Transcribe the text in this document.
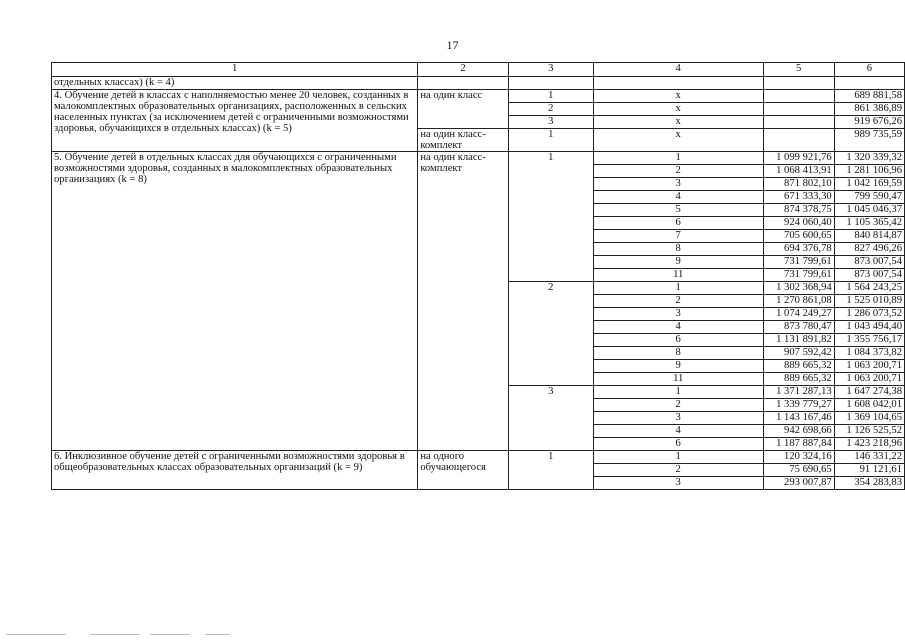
17
1	2	3	4	5	6
отдельных классах) (k = 4)					
4. Обучение детей в классах с наполняемостью менее 20 человек, созданных в малокомплектных образовательных организациях, расположенных в сельских населенных пунктах (за исключением детей с ограниченными возможностями здоровья, обучающихся в отдельных классах) (k = 5)	на один класс	1	х		689 881,58
		2	х		861 386,89
		3	х		919 676,26
	на один класс-комплект	1	х		989 735,59
5. Обучение детей в отдельных классах для обучающихся с ограниченными возможностями здоровья, созданных в малокомплектных образовательных организациях (k = 8)	на один класс-комплект	1	1	1 099 921,76	1 320 339,32
			2	1 068 413,91	1 281 106,96
			3	871 802,10	1 042 169,59
			4	671 333,30	799 590,47
			5	874 378,75	1 045 046,37
			6	924 060,40	1 105 365,42
			7	705 600,65	840 814,87
			8	694 376,78	827 496,26
			9	731 799,61	873 007,54
			11	731 799,61	873 007,54
		2	1	1 302 368,94	1 564 243,25
			2	1 270 861,08	1 525 010,89
			3	1 074 249,27	1 286 073,52
			4	873 780,47	1 043 494,40
			6	1 131 891,82	1 355 756,17
			8	907 592,42	1 084 373,82
			9	889 665,32	1 063 200,71
			11	889 665,32	1 063 200,71
		3	1	1 371 287,13	1 647 274,38
			2	1 339 779,27	1 608 042,01
			3	1 143 167,46	1 369 104,65
			4	942 698,66	1 126 525,52
			6	1 187 887,84	1 423 218,96
6. Инклюзивное обучение детей с ограниченными возможностями здоровья в общеобразовательных классах образовательных организаций (k = 9)	на одного обучающегося	1	1	120 324,16	146 331,22
			2	75 690,65	91 121,61
			3	293 007,87	354 283,83
